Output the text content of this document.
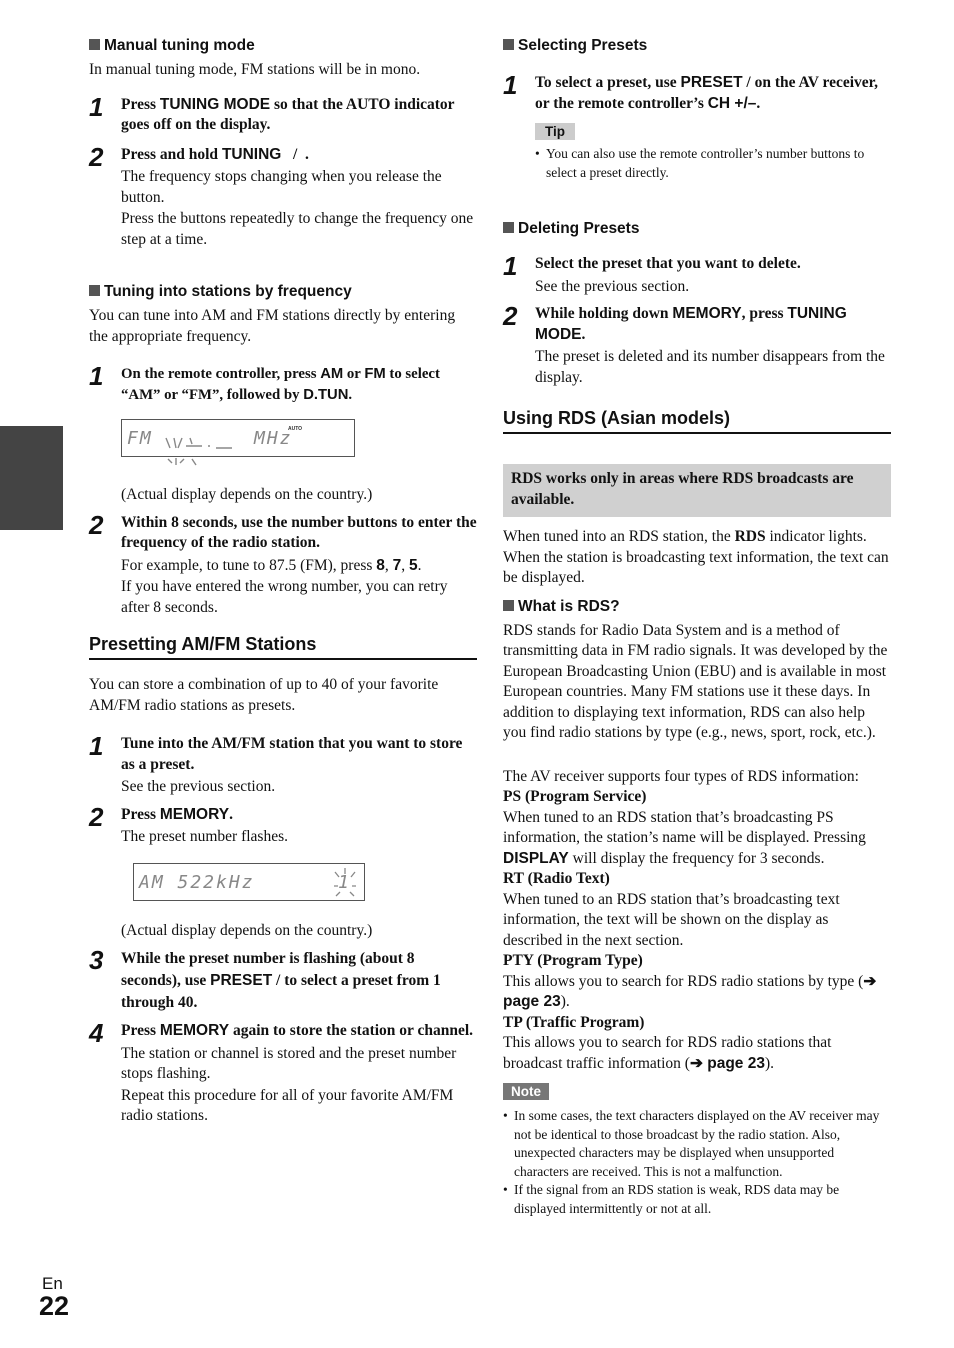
Manual tuning mode

In manual tuning mode, FM stations will be in mono.

1 Press TUNING MODE so that the AUTO indicator goes off on the display.

2 Press and hold TUNING   /  .

The frequency stops changing when you release the button.

Press the buttons repeatedly to change the frequency one step at a time.

Tuning into stations by frequency

You can tune into AM and FM stations directly by entering the appropriate frequency.

1 On the remote controller, press AM or FM to select “AM” or “FM”, followed by D.TUN.

FM	MHz
AUTO

(Actual display depends on the country.)

2 Within 8 seconds, use the number buttons to enter the frequency of the radio station.

For example, to tune to 87.5 (FM), press 8, 7, 5.

If you have entered the wrong number, you can retry after 8 seconds.

Presetting AM/FM Stations

You can store a combination of up to 40 of your favorite AM/FM radio stations as presets.

1 Tune into the AM/FM station that you want to store as a preset.

See the previous section.

2 Press MEMORY.

The preset number flashes.

AM 522kHz	1

(Actual display depends on the country.)

3 While the preset number is flashing (about 8 seconds), use PRESET / to select a preset from 1 through 40.

4 Press MEMORY again to store the station or channel.

The station or channel is stored and the preset number stops flashing.

Repeat this procedure for all of your favorite AM/FM radio stations.

Selecting Presets

1 To select a preset, use PRESET / on the AV receiver, or the remote controller’s CH +/–.

Tip
• You can also use the remote controller’s number buttons to select a preset directly.

Deleting Presets

1 Select the preset that you want to delete.

See the previous section.

2 While holding down MEMORY, press TUNING MODE.

The preset is deleted and its number disappears from the display.

Using RDS (Asian models)

RDS works only in areas where RDS broadcasts are available.

When tuned into an RDS station, the RDS indicator lights. When the station is broadcasting text information, the text can be displayed.

What is RDS?

RDS stands for Radio Data System and is a method of transmitting data in FM radio signals. It was developed by the European Broadcasting Union (EBU) and is available in most European countries. Many FM stations use it these days. In addition to displaying text information, RDS can also help you find radio stations by type (e.g., news, sport, rock, etc.).

The AV receiver supports four types of RDS information:

PS (Program Service)

When tuned to an RDS station that’s broadcasting PS information, the station’s name will be displayed. Pressing DISPLAY will display the frequency for 3 seconds.

RT (Radio Text)

When tuned to an RDS station that’s broadcasting text information, the text will be shown on the display as described in the next section.

PTY (Program Type)

This allows you to search for RDS radio stations by type (➔ page 23).

TP (Traffic Program)

This allows you to search for RDS radio stations that broadcast traffic information (➔ page 23).

Note
• In some cases, the text characters displayed on the AV receiver may not be identical to those broadcast by the radio station. Also, unexpected characters may be displayed when unsupported characters are received. This is not a malfunction.
• If the signal from an RDS station is weak, RDS data may be displayed intermittently or not at all.
En
22
